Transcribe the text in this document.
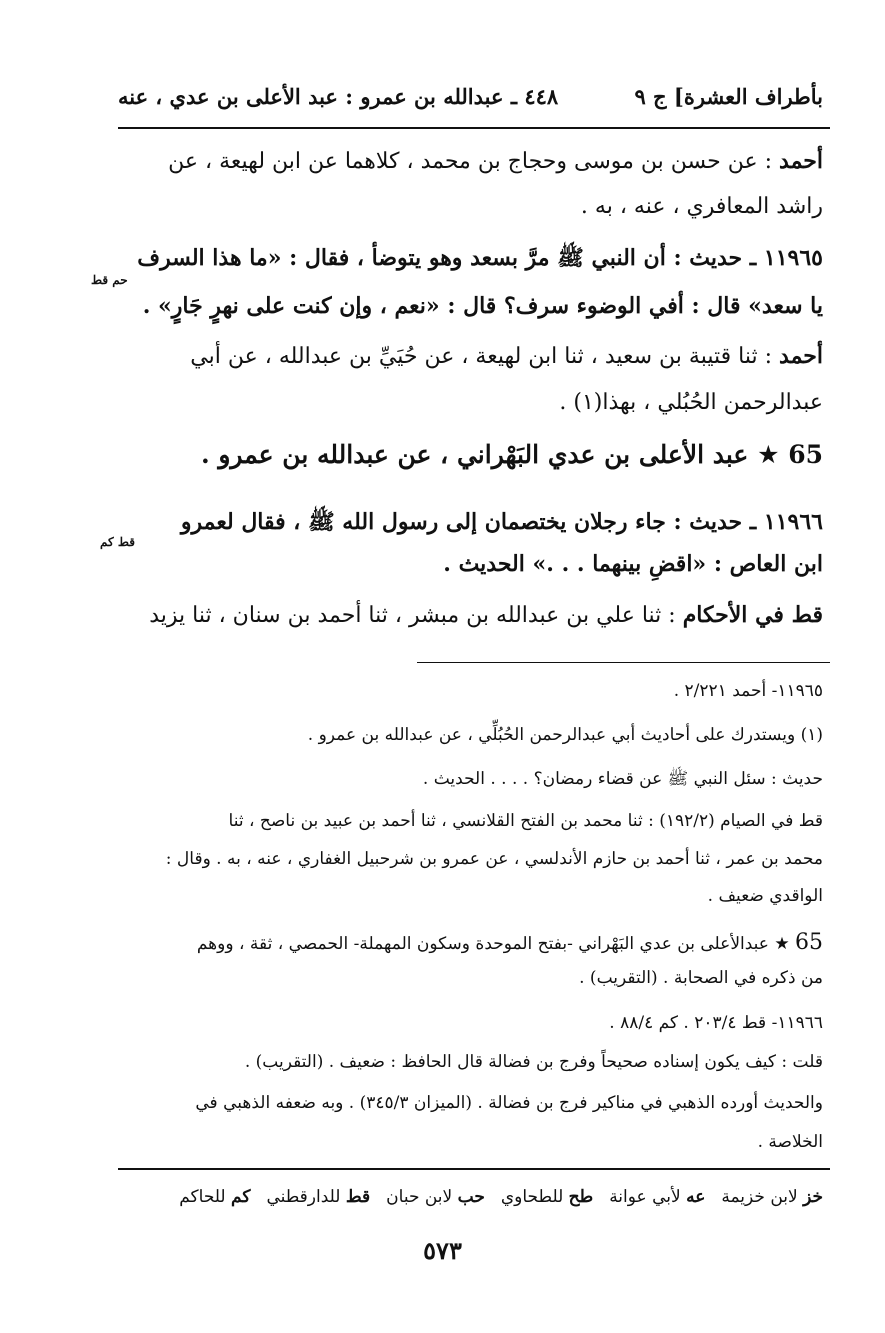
بأطراف العشرة] ج ٩
٤٤٨ ـ عبدالله بن عمرو : عبد الأعلى بن عدي ، عنه
أحمد : عن حسن بن موسى وحجاج بن محمد ، كلاهما عن ابن لهيعة ، عن
راشد المعافري ، عنه ، به .
١١٩٦٥ ـ حديث : أن النبي ﷺ مرَّ بسعد وهو يتوضأ ، فقال : «ما هذا السرف
حم قط
يا سعد» قال : أفي الوضوء سرف؟ قال : «نعم ، وإن كنت على نهرٍ جَارٍ» .
أحمد : ثنا قتيبة بن سعيد ، ثنا ابن لهيعة ، عن حُيَيِّ بن عبدالله ، عن أبي
عبدالرحمن الحُبُلي ، بهذا(١) .
65 ★ عبد الأعلى بن عدي البَهْراني ، عن عبدالله بن عمرو .
١١٩٦٦ ـ حديث : جاء رجلان يختصمان إلى رسول الله ﷺ ، فقال لعمرو
قط كم
ابن العاص : «اقضِ بينهما . . .» الحديث .
قط في الأحكام : ثنا علي بن عبدالله بن مبشر ، ثنا أحمد بن سنان ، ثنا يزيد
١١٩٦٥- أحمد ٢/٢٢١ .
(١) ويستدرك على أحاديث أبي عبدالرحمن الحُبُلِّي ، عن عبدالله بن عمرو .
حديث : سئل النبي ﷺ عن قضاء رمضان؟ . . . . الحديث .
قط في الصيام (١٩٢/٢) : ثنا محمد بن الفتح القلانسي ، ثنا أحمد بن عبيد بن ناصح ، ثنا
محمد بن عمر ، ثنا أحمد بن حازم الأندلسي ، عن عمرو بن شرحبيل الغفاري ، عنه ، به . وقال :
الواقدي ضعيف .
65 ★ عبدالأعلى بن عدي البَهْراني -بفتح الموحدة وسكون المهملة- الحمصي ، ثقة ، ووهم
من ذكره في الصحابة . (التقريب) .
١١٩٦٦- قط ٢٠٣/٤ . كم ٨٨/٤ .
قلت : كيف يكون إسناده صحيحاً وفرج بن فضالة قال الحافظ : ضعيف . (التقريب) .
والحديث أورده الذهبي في مناكير فرج بن فضالة . (الميزان ٣٤٥/٣) . وبه ضعفه الذهبي في
الخلاصة .
خز لابن خزيمة
عه لأبي عوانة
طح للطحاوي
حب لابن حبان
قط للدارقطني
كم للحاكم
٥٧٣
